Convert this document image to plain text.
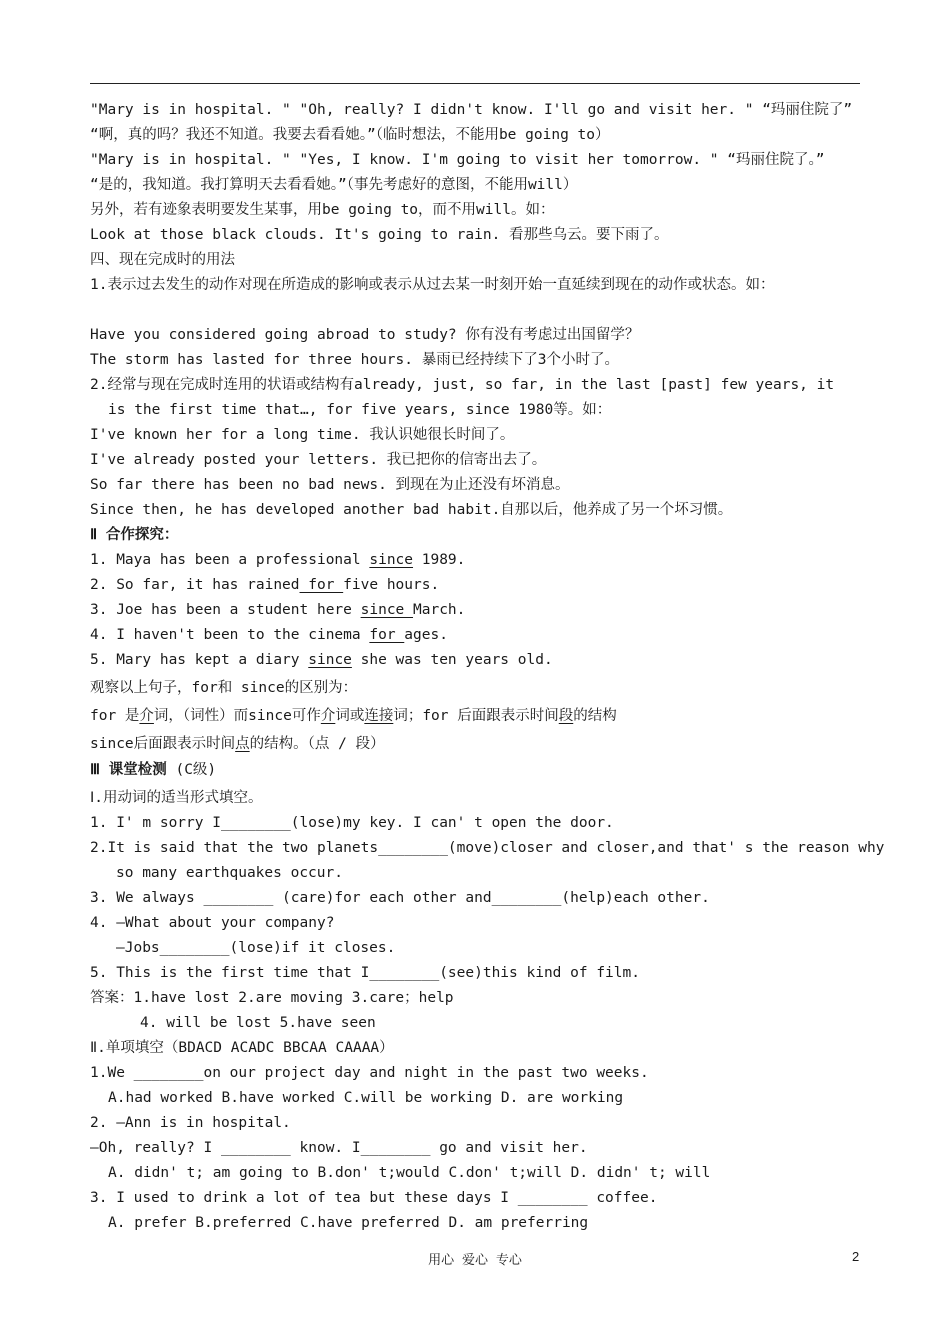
"Mary is in hospital. " "Oh, really? I didn't know. I'll go and visit her. " “玛丽住院了”
“啊，真的吗？我还不知道。我要去看看她。”（临时想法，不能用be going to）
"Mary is in hospital. " "Yes, I know. I'm going to visit her tomorrow. " “玛丽住院了。”
“是的，我知道。我打算明天去看看她。”（事先考虑好的意图，不能用will）
另外，若有迹象表明要发生某事，用be going to，而不用will。如：
Look at those black clouds. It's going to rain. 看那些乌云。要下雨了。
四、现在完成时的用法
1.表示过去发生的动作对现在所造成的影响或表示从过去某一时刻开始一直延续到现在的动作或状态。如：
Have you considered going abroad to study? 你有没有考虑过出国留学？
The storm has lasted for three hours. 暴雨已经持续下了3个小时了。
2.经常与现在完成时连用的状语或结构有already, just, so far, in the last [past] few years, it
is the first time that…, for five years, since 1980等。如：
I've known her for a long time. 我认识她很长时间了。
I've already posted your letters. 我已把你的信寄出去了。
So far there has been no bad news. 到现在为止还没有坏消息。
Since then, he has developed another bad habit.自那以后，他养成了另一个坏习惯。
Ⅱ 合作探究：
1. Maya has been a professional since 1989.
2. So far, it has rained for five hours.
3. Joe has been a student here since March.
4. I haven't been to the cinema for ages.
5. Mary has kept a diary since she was ten years old.
观察以上句子，for和 since的区别为：
for 是介词，（词性）而since可作介词或连接词；for 后面跟表示时间段的结构
since后面跟表示时间点的结构。（点 / 段）
Ⅲ 课堂检测 (C级)
Ⅰ.用动词的适当形式填空。
1. I' m sorry I________(lose)my key. I can' t open the door.
2.It is said that the two planets________(move)closer and closer,and that' s the reason why
so many earthquakes occur.
3. We always ________ (care)for each other and________(help)each other.
4. —What about your company?
—Jobs________(lose)if it closes.
5. This is the first time that I________(see)this kind of film.
答案：1.have lost 2.are moving 3.care；help
4. will be lost 5.have seen
Ⅱ.单项填空（BDACD ACADC BBCAA CAAAA）
1.We ________on our project day and night in the past two weeks.
A.had worked B.have worked C.will be working D. are working
2. —Ann is in hospital.
—Oh, really? I ________ know. I________ go and visit her.
A. didn' t; am going to B.don' t;would C.don' t;will D. didn' t; will
3. I used to drink a lot of tea but these days I ________ coffee.
A. prefer B.preferred C.have preferred D. am preferring
用心 爱心 专心	2
